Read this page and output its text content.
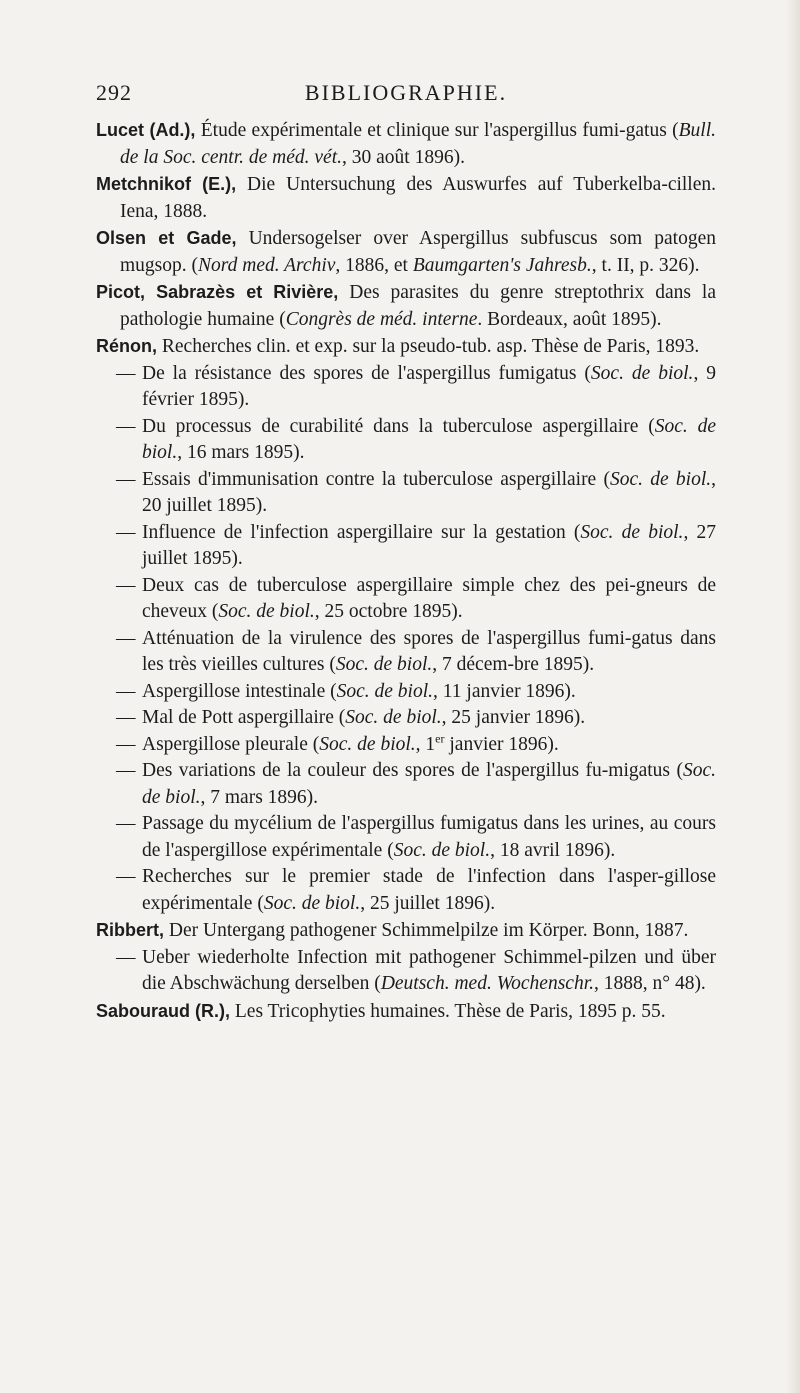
292	BIBLIOGRAPHIE.

Lucet (Ad.), Étude expérimentale et clinique sur l'aspergillus fumi-gatus (Bull. de la Soc. centr. de méd. vét., 30 août 1896).

Metchnikof (E.), Die Untersuchung des Auswurfes auf Tuberkelba-cillen. Iena, 1888.

Olsen et Gade, Undersogelser over Aspergillus subfuscus som patogen mugsop. (Nord med. Archiv, 1886, et Baumgarten's Jahresb., t. II, p. 326).

Picot, Sabrazès et Rivière, Des parasites du genre streptothrix dans la pathologie humaine (Congrès de méd. interne. Bordeaux, août 1895).

Rénon, Recherches clin. et exp. sur la pseudo-tub. asp. Thèse de Paris, 1893.

— De la résistance des spores de l'aspergillus fumigatus (Soc. de biol., 9 février 1895).

— Du processus de curabilité dans la tuberculose aspergillaire (Soc. de biol., 16 mars 1895).

— Essais d'immunisation contre la tuberculose aspergillaire (Soc. de biol., 20 juillet 1895).

— Influence de l'infection aspergillaire sur la gestation (Soc. de biol., 27 juillet 1895).

— Deux cas de tuberculose aspergillaire simple chez des pei-gneurs de cheveux (Soc. de biol., 25 octobre 1895).

— Atténuation de la virulence des spores de l'aspergillus fumi-gatus dans les très vieilles cultures (Soc. de biol., 7 décem-bre 1895).

— Aspergillose intestinale (Soc. de biol., 11 janvier 1896).

— Mal de Pott aspergillaire (Soc. de biol., 25 janvier 1896).

— Aspergillose pleurale (Soc. de biol., 1er janvier 1896).

— Des variations de la couleur des spores de l'aspergillus fu-migatus (Soc. de biol., 7 mars 1896).

— Passage du mycélium de l'aspergillus fumigatus dans les urines, au cours de l'aspergillose expérimentale (Soc. de biol., 18 avril 1896).

— Recherches sur le premier stade de l'infection dans l'asper-gillose expérimentale (Soc. de biol., 25 juillet 1896).

Ribbert, Der Untergang pathogener Schimmelpilze im Körper. Bonn, 1887.

— Ueber wiederholte Infection mit pathogener Schimmel-pilzen und über die Abschwächung derselben (Deutsch. med. Wochenschr., 1888, n° 48).

Sabouraud (R.), Les Tricophyties humaines. Thèse de Paris, 1895 p. 55.
